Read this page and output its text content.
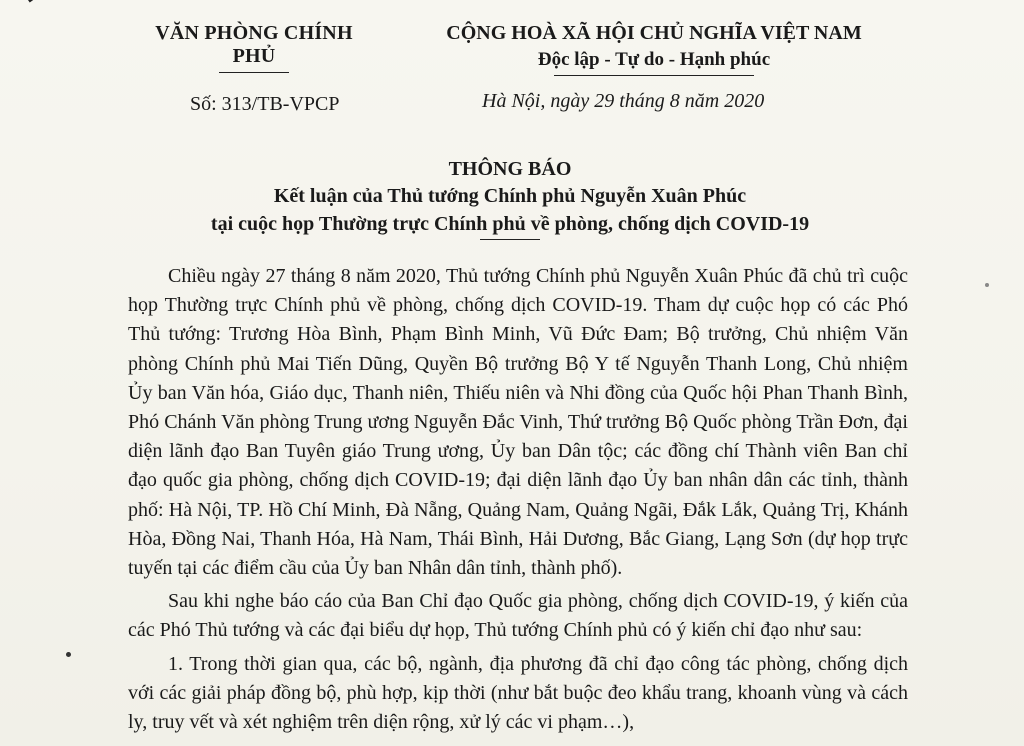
VĂN PHÒNG CHÍNH PHỦ
CỘNG HOÀ XÃ HỘI CHỦ NGHĨA VIỆT NAM
Độc lập - Tự do - Hạnh phúc
Số: 313/TB-VPCP	Hà Nội, ngày 29 tháng 8 năm 2020
THÔNG BÁO
Kết luận của Thủ tướng Chính phủ Nguyễn Xuân Phúc
tại cuộc họp Thường trực Chính phủ về phòng, chống dịch COVID-19

Chiều ngày 27 tháng 8 năm 2020, Thủ tướng Chính phủ Nguyễn Xuân Phúc đã chủ trì cuộc họp Thường trực Chính phủ về phòng, chống dịch COVID-19. Tham dự cuộc họp có các Phó Thủ tướng: Trương Hòa Bình, Phạm Bình Minh, Vũ Đức Đam; Bộ trưởng, Chủ nhiệm Văn phòng Chính phủ Mai Tiến Dũng, Quyền Bộ trưởng Bộ Y tế Nguyễn Thanh Long, Chủ nhiệm Ủy ban Văn hóa, Giáo dục, Thanh niên, Thiếu niên và Nhi đồng của Quốc hội Phan Thanh Bình, Phó Chánh Văn phòng Trung ương Nguyễn Đắc Vinh, Thứ trưởng Bộ Quốc phòng Trần Đơn, đại diện lãnh đạo Ban Tuyên giáo Trung ương, Ủy ban Dân tộc; các đồng chí Thành viên Ban chỉ đạo quốc gia phòng, chống dịch COVID-19; đại diện lãnh đạo Ủy ban nhân dân các tỉnh, thành phố: Hà Nội, TP. Hồ Chí Minh, Đà Nẵng, Quảng Nam, Quảng Ngãi, Đắk Lắk, Quảng Trị, Khánh Hòa, Đồng Nai, Thanh Hóa, Hà Nam, Thái Bình, Hải Dương, Bắc Giang, Lạng Sơn (dự họp trực tuyến tại các điểm cầu của Ủy ban Nhân dân tỉnh, thành phố).

Sau khi nghe báo cáo của Ban Chỉ đạo Quốc gia phòng, chống dịch COVID-19, ý kiến của các Phó Thủ tướng và các đại biểu dự họp, Thủ tướng Chính phủ có ý kiến chỉ đạo như sau:

1. Trong thời gian qua, các bộ, ngành, địa phương đã chỉ đạo công tác phòng, chống dịch với các giải pháp đồng bộ, phù hợp, kịp thời (như bắt buộc đeo khẩu trang, khoanh vùng và cách ly, truy vết và xét nghiệm trên diện rộng, xử lý các vi phạm…),
